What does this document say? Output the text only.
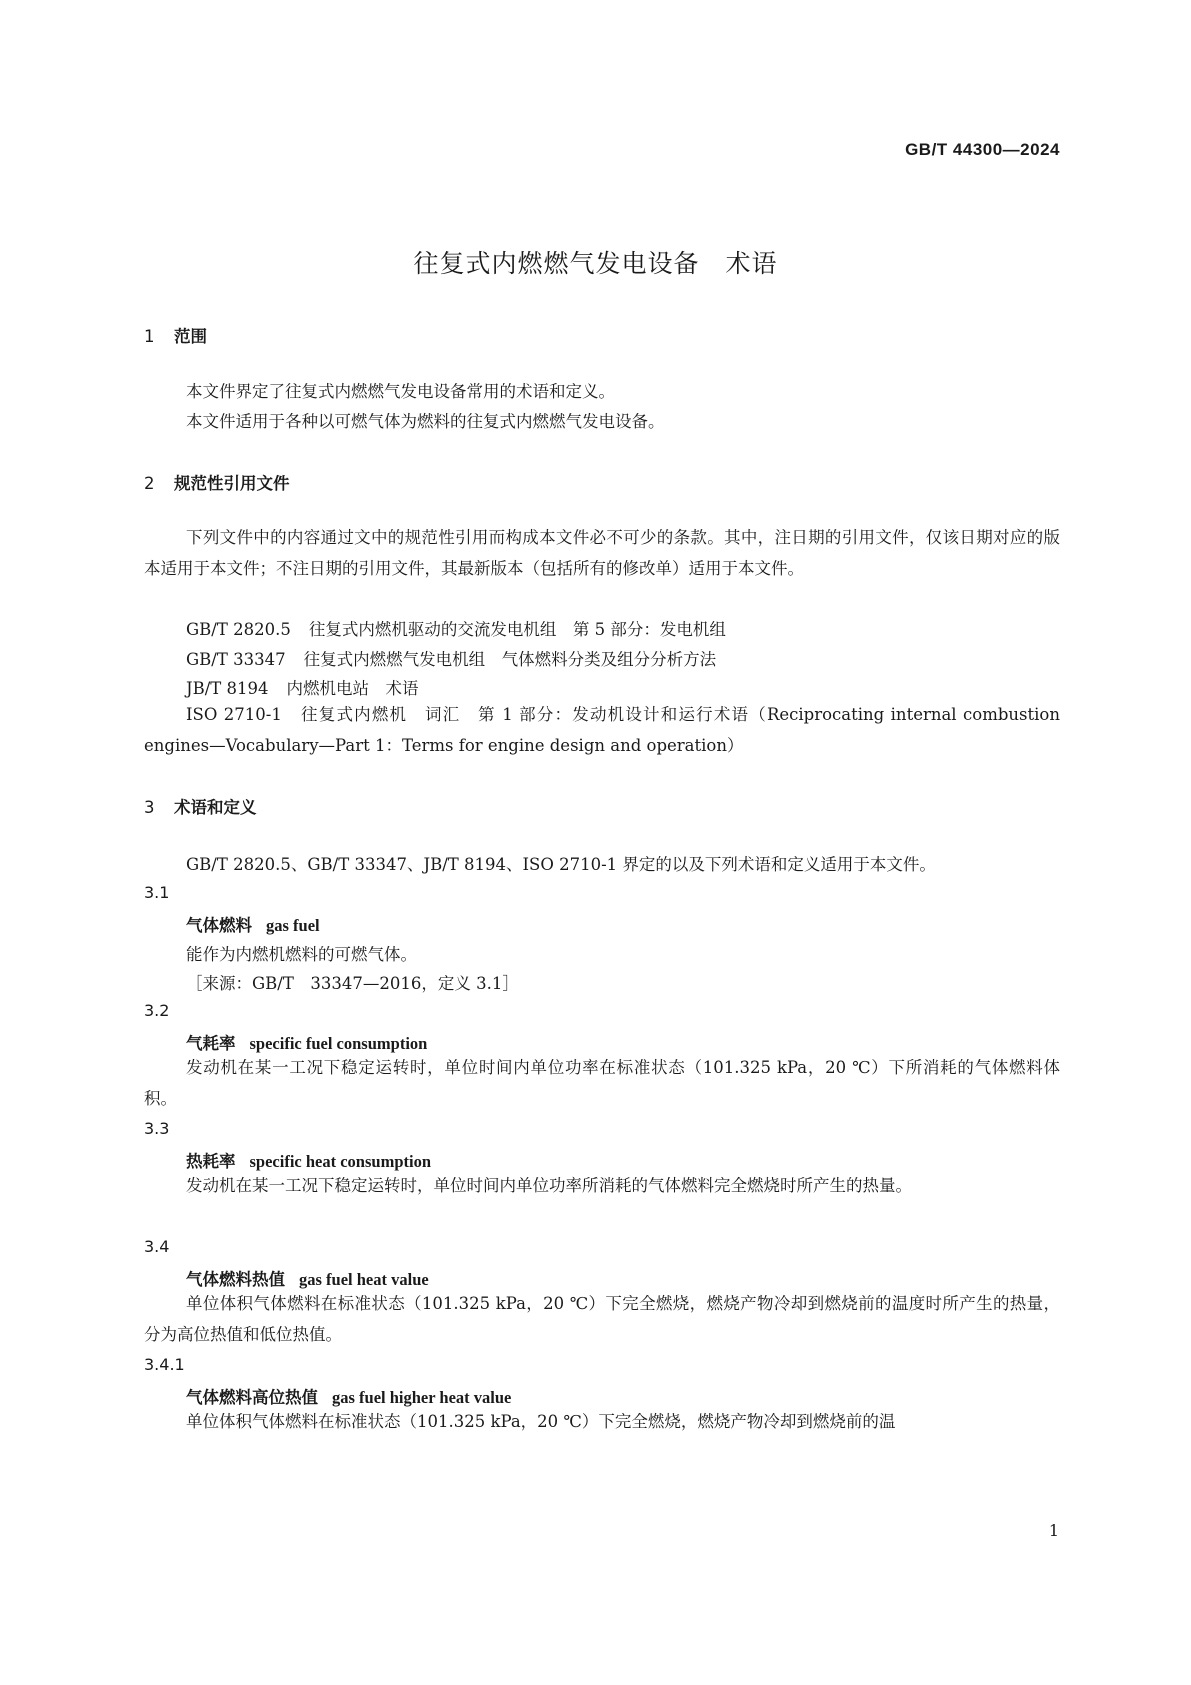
GB/T 44300—2024
往复式内燃燃气发电设备　术语
1 范围
本文件界定了往复式内燃燃气发电设备常用的术语和定义。
本文件适用于各种以可燃气体为燃料的往复式内燃燃气发电设备。
2 规范性引用文件
下列文件中的内容通过文中的规范性引用而构成本文件必不可少的条款。其中，注日期的引用文件，仅该日期对应的版本适用于本文件；不注日期的引用文件，其最新版本（包括所有的修改单）适用于本文件。
GB/T 2820.5 往复式内燃机驱动的交流发电机组　第 5 部分：发电机组
GB/T 33347 往复式内燃燃气发电机组　气体燃料分类及组分分析方法
JB/T 8194 内燃机电站　术语
ISO 2710-1 往复式内燃机　词汇　第 1 部分：发动机设计和运行术语（Reciprocating internal combustion engines—Vocabulary—Part 1：Terms for engine design and operation）
3 术语和定义
GB/T 2820.5、GB/T 33347、JB/T 8194、ISO 2710-1 界定的以及下列术语和定义适用于本文件。
3.1
气体燃料 gas fuel
能作为内燃机燃料的可燃气体。
［来源：GB/T　33347—2016，定义 3.1］
3.2
气耗率 specific fuel consumption
发动机在某一工况下稳定运转时，单位时间内单位功率在标准状态（101.325 kPa，20 ℃）下所消耗的气体燃料体积。
3.3
热耗率 specific heat consumption
发动机在某一工况下稳定运转时，单位时间内单位功率所消耗的气体燃料完全燃烧时所产生的热量。
3.4
气体燃料热值 gas fuel heat value
单位体积气体燃料在标准状态（101.325 kPa，20 ℃）下完全燃烧，燃烧产物冷却到燃烧前的温度时所产生的热量，分为高位热值和低位热值。
3.4.1
气体燃料高位热值 gas fuel higher heat value
单位体积气体燃料在标准状态（101.325 kPa，20 ℃）下完全燃烧，燃烧产物冷却到燃烧前的温
1
